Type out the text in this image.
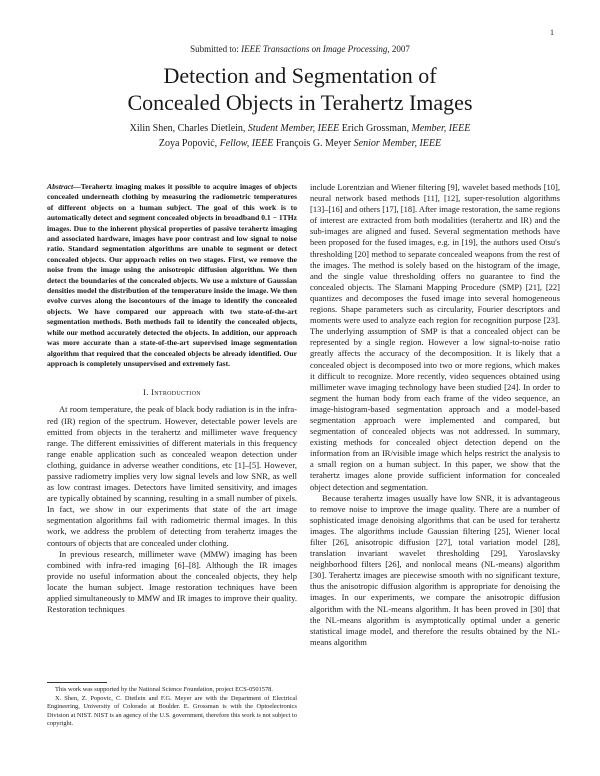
1
Submitted to: IEEE Transactions on Image Processing, 2007
Detection and Segmentation of
Concealed Objects in Terahertz Images
Xilin Shen, Charles Dietlein, Student Member, IEEE Erich Grossman, Member, IEEE
Zoya Popović, Fellow, IEEE François G. Meyer Senior Member, IEEE
Abstract—Terahertz imaging makes it possible to acquire images of objects concealed underneath clothing by measuring the radiometric temperatures of different objects on a human subject. The goal of this work is to automatically detect and segment concealed objects in broadband 0.1 − 1THz images. Due to the inherent physical properties of passive terahertz imaging and associated hardware, images have poor contrast and low signal to noise ratio. Standard segmentation algorithms are unable to segment or detect concealed objects. Our approach relies on two stages. First, we remove the noise from the image using the anisotropic diffusion algorithm. We then detect the boundaries of the concealed objects. We use a mixture of Gaussian densities model the distribution of the temperature inside the image. We then evolve curves along the isocontours of the image to identify the concealed objects. We have compared our approach with two state-of-the-art segmentation methods. Both methods fail to identify the concealed objects, while our method accurately detected the objects. In addition, our approach was more accurate than a state-of-the-art supervised image segmentation algorithm that required that the concealed objects be already identified. Our approach is completely unsupervised and extremely fast.
I. Introduction

At room temperature, the peak of black body radiation is in the infra-red (IR) region of the spectrum. However, detectable power levels are emitted from objects in the terahertz and millimeter wave frequency range. The different emissivities of different materials in this frequency range enable application such as concealed weapon detection under clothing, guidance in adverse weather conditions, etc [1]–[5]. However, passive radiometry implies very low signal levels and low SNR, as well as low contrast images. Detectors have limited sensitivity, and images are typically obtained by scanning, resulting in a small number of pixels. In fact, we show in our experiments that state of the art image segmentation algorithms fail with radiometric thermal images. In this work, we address the problem of detecting from terahertz images the contours of objects that are concealed under clothing.

In previous research, millimeter wave (MMW) imaging has been combined with infra-red imaging [6]–[8]. Although the IR images provide no useful information about the concealed objects, they help locate the human subject. Image restoration techniques have been applied simultaneously to MMW and IR images to improve their quality. Restoration techniques

include Lorentzian and Wiener filtering [9], wavelet based methods [10], neural network based methods [11], [12], super-resolution algorithms [13]–[16] and others [17], [18]. After image restoration, the same regions of interest are extracted from both modalities (terahertz and IR) and the sub-images are aligned and fused. Several segmentation methods have been proposed for the fused images, e.g. in [19], the authors used Otsu's thresholding [20] method to separate concealed weapons from the rest of the images. The method is solely based on the histogram of the image, and the single value thresholding offers no guarantee to find the concealed objects. The Slamani Mapping Procedure (SMP) [21], [22] quantizes and decomposes the fused image into several homogeneous regions. Shape parameters such as circularity, Fourier descriptors and moments were used to analyze each region for recognition purpose [23]. The underlying assumption of SMP is that a concealed object can be represented by a single region. However a low signal-to-noise ratio greatly affects the accuracy of the decomposition. It is likely that a concealed object is decomposed into two or more regions, which makes it difficult to recognize. More recently, video sequences obtained using millimeter wave imaging technology have been studied [24]. In order to segment the human body from each frame of the video sequence, an image-histogram-based segmentation approach and a model-based segmentation approach were implemented and compared, but segmentation of concealed objects was not addressed. In summary, existing methods for concealed object detection depend on the information from an IR/visible image which helps restrict the analysis to a small region on a human subject. In this paper, we show that the terahertz images alone provide sufficient information for concealed object detection and segmentation.

Because terahertz images usually have low SNR, it is advantageous to remove noise to improve the image quality. There are a number of sophisticated image denoising algorithms that can be used for terahertz images. The algorithms include Gaussian filtering [25], Wiener local filter [26], anisotropic diffusion [27], total variation model [28], translation invariant wavelet thresholding [29], Yaroslavsky neighborhood filters [26], and nonlocal means (NL-means) algorithm [30]. Terahertz images are piecewise smooth with no significant texture, thus the anisotropic diffusion algorithm is appropriate for denoising the images. In our experiments, we compare the anisotropic diffusion algorithm with the NL-means algorithm. It has been proved in [30] that the NL-means algorithm is asymptotically optimal under a generic statistical image model, and therefore the results obtained by the NL-means algorithm

This work was supported by the National Science Foundation, project ECS-0501578.

X. Shen, Z. Popovic, C. Dietlein and F.G. Meyer are with the Department of Electrical Engineering, University of Colorado at Boulder. E. Grossman is with the Optoelectronics Division at NIST. NIST is an agency of the U.S. government, therefore this work is not subject to copyright.
